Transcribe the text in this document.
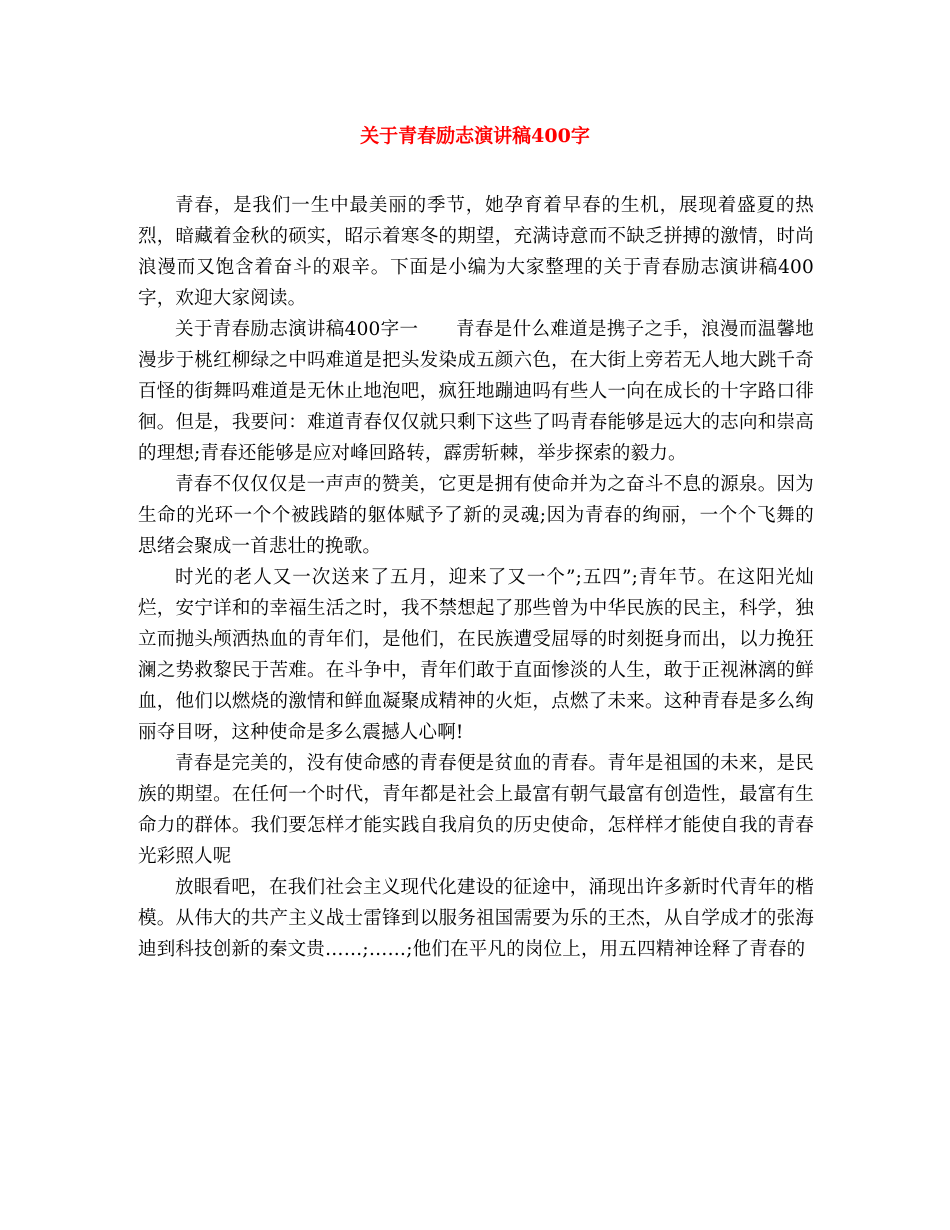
关于青春励志演讲稿400字

青春，是我们一生中最美丽的季节，她孕育着早春的生机，展现着盛夏的热烈，暗藏着金秋的硕实，昭示着寒冬的期望，充满诗意而不缺乏拼搏的激情，时尚浪漫而又饱含着奋斗的艰辛。下面是小编为大家整理的关于青春励志演讲稿400字，欢迎大家阅读。

关于青春励志演讲稿400字一　　青春是什么难道是携子之手，浪漫而温馨地漫步于桃红柳绿之中吗难道是把头发染成五颜六色，在大街上旁若无人地大跳千奇百怪的街舞吗难道是无休止地泡吧，疯狂地蹦迪吗有些人一向在成长的十字路口徘徊。但是，我要问：难道青春仅仅就只剩下这些了吗青春能够是远大的志向和崇高的理想;青春还能够是应对峰回路转，霹雳斩棘，举步探索的毅力。

青春不仅仅仅是一声声的赞美，它更是拥有使命并为之奋斗不息的源泉。因为生命的光环一个个被践踏的躯体赋予了新的灵魂;因为青春的绚丽，一个个飞舞的思绪会聚成一首悲壮的挽歌。

时光的老人又一次送来了五月，迎来了又一个”;五四”;青年节。在这阳光灿烂，安宁详和的幸福生活之时，我不禁想起了那些曾为中华民族的民主，科学，独立而抛头颅洒热血的青年们，是他们，在民族遭受屈辱的时刻挺身而出，以力挽狂澜之势救黎民于苦难。在斗争中，青年们敢于直面惨淡的人生，敢于正视淋漓的鲜血，他们以燃烧的激情和鲜血凝聚成精神的火炬，点燃了未来。这种青春是多么绚丽夺目呀，这种使命是多么震撼人心啊!

青春是完美的，没有使命感的青春便是贫血的青春。青年是祖国的未来，是民族的期望。在任何一个时代，青年都是社会上最富有朝气最富有创造性，最富有生命力的群体。我们要怎样才能实践自我肩负的历史使命，怎样样才能使自我的青春光彩照人呢

放眼看吧，在我们社会主义现代化建设的征途中，涌现出许多新时代青年的楷模。从伟大的共产主义战士雷锋到以服务祖国需要为乐的王杰，从自学成才的张海迪到科技创新的秦文贵……;……;他们在平凡的岗位上，用五四精神诠释了青春的
